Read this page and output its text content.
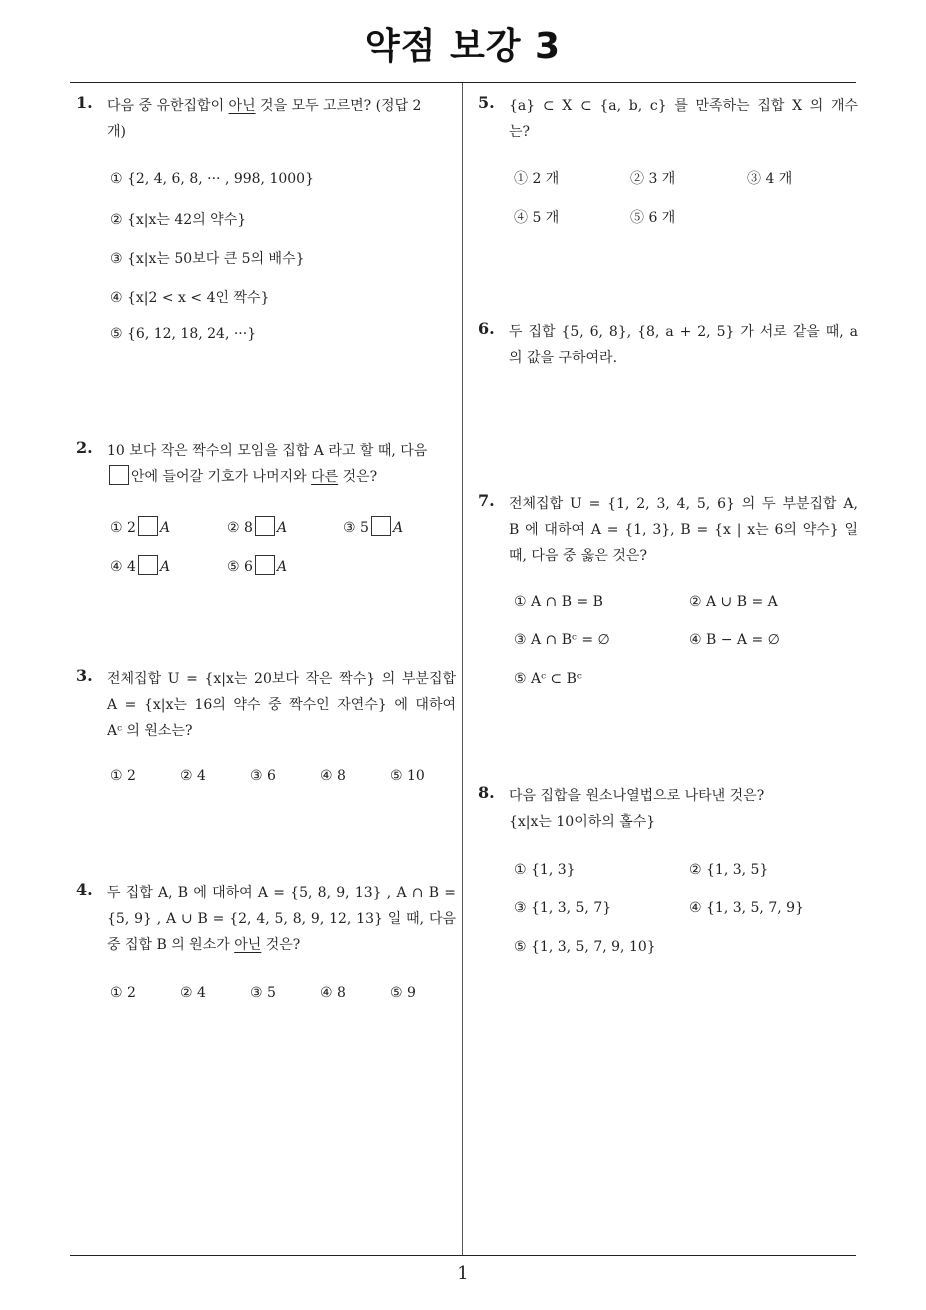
약점 보강 3
1. 다음 중 유한집합이 아닌 것을 모두 고르면? (정답 2
개)
① {2, 4, 6, 8, ··· , 998, 1000}
② {x|x는 42의 약수}
③ {x|x는 50보다 큰 5의 배수}
④ {x|2 < x < 4인 짝수}
⑤ {6, 12, 18, 24, ···}
2. 10 보다 작은 짝수의 모임을 집합 A 라고 할 때, 다음
안에 들어갈 기호가 나머지와 다른 것은?
① 2 A	② 8 A	③ 5 A
④ 4 A	⑤ 6 A
3. 전체집합 U = {x|x는 20보다 작은 짝수} 의 부분집합
A = {x|x는 16의 약수 중 짝수인 자연수} 에 대하여
Aᶜ 의 원소는?
① 2	② 4	③ 6	④ 8	⑤ 10
4. 두 집합 A, B 에 대하여 A = {5, 8, 9, 13} , A ∩ B =
{5, 9} , A ∪ B = {2, 4, 5, 8, 9, 12, 13} 일 때, 다음
중 집합 B 의 원소가 아닌 것은?
① 2	② 4	③ 5	④ 8	⑤ 9
5. {a} ⊂ X ⊂ {a, b, c} 를 만족하는 집합 X 의 개수
는?
① 2 개	② 3 개	③ 4 개
④ 5 개	⑤ 6 개
6. 두 집합 {5, 6, 8}, {8, a + 2, 5} 가 서로 같을 때, a
의 값을 구하여라.
7. 전체집합 U = {1, 2, 3, 4, 5, 6} 의 두 부분집합 A,
B 에 대하여 A = {1, 3}, B = {x | x는 6의 약수} 일
때, 다음 중 옳은 것은?
① A ∩ B = B	② A ∪ B = A
③ A ∩ Bᶜ = ∅	④ B − A = ∅
⑤ Aᶜ ⊂ Bᶜ
8. 다음 집합을 원소나열법으로 나타낸 것은?
{x|x는 10이하의 홀수}
① {1, 3}	② {1, 3, 5}
③ {1, 3, 5, 7}	④ {1, 3, 5, 7, 9}
⑤ {1, 3, 5, 7, 9, 10}
1
